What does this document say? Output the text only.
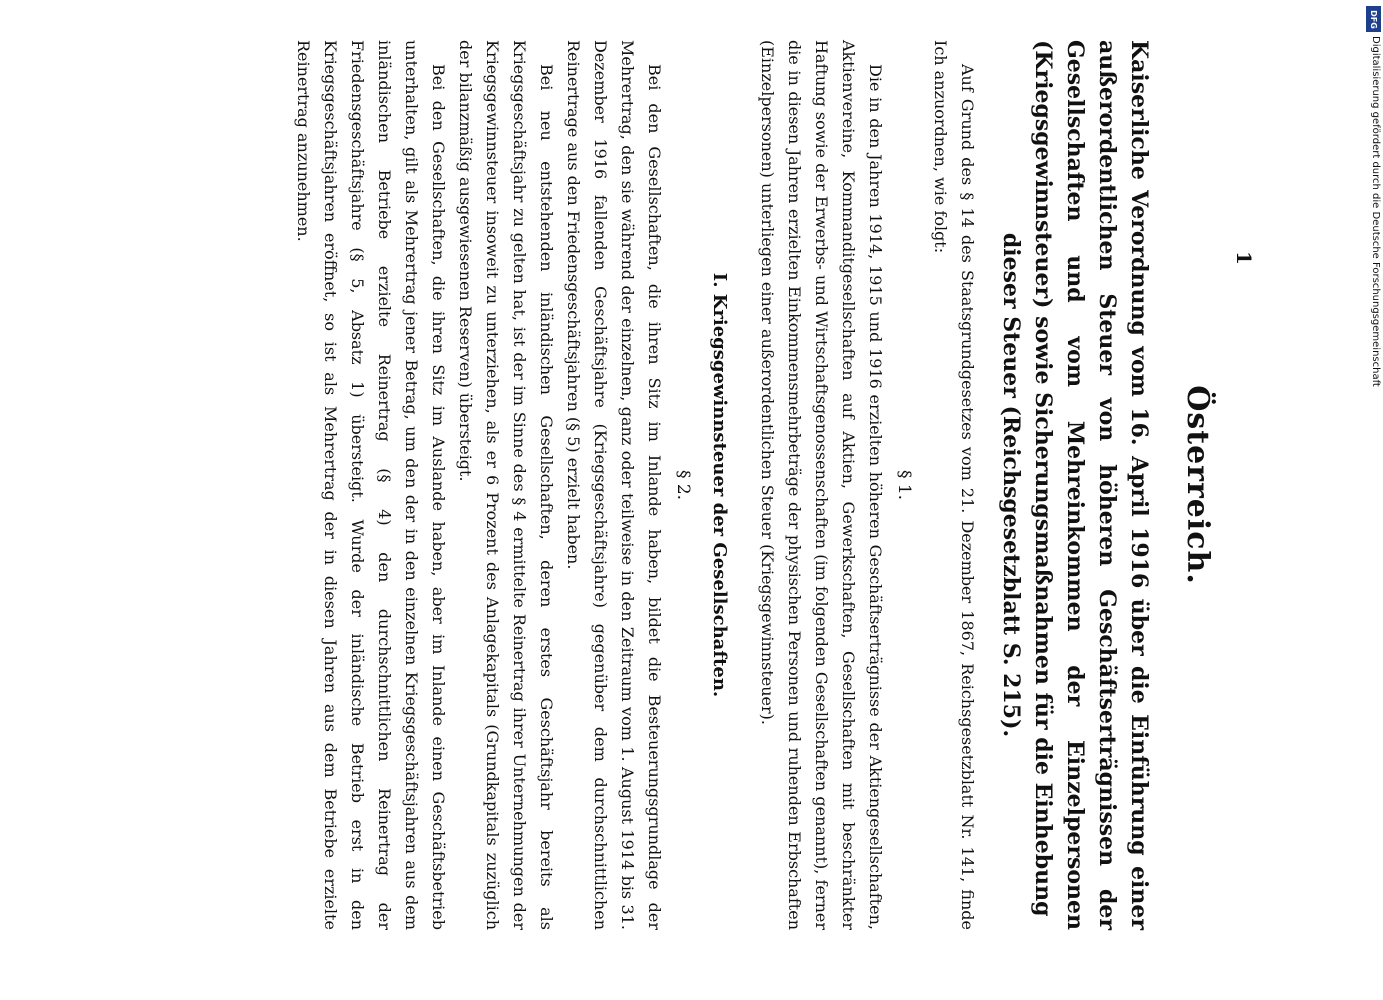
Österreich.
Kaiserliche Verordnung vom 16. April 1916 über die Einführung einer außerordentlichen Steuer von höheren Geschäftserträgnissen der Gesellschaften und vom Mehreinkommen der Einzelpersonen (Kriegsgewinnsteuer) sowie Sicherungsmaßnahmen für die Einhebung
dieser Steuer (Reichsgesetzblatt S. 215).

Auf Grund des § 14 des Staatsgrundgesetzes vom 21. Dezember 1867, Reichsgesetzblatt Nr. 141, finde Ich anzuordnen, wie folgt:

§ 1.

Die in den Jahren 1914, 1915 und 1916 erzielten höheren Geschäftserträgnisse der Aktiengesellschaften, Aktienvereine, Kommanditgesellschaften auf Aktien, Gewerkschaften, Gesellschaften mit beschränkter Haftung sowie der Erwerbs- und Wirtschaftsgenossenschaften (im folgenden Gesellschaften genannt), ferner die in diesen Jahren erzielten Einkommensmehrbeträge der physischen Personen und ruhenden Erbschaften (Einzelpersonen) unterliegen einer außerordentlichen Steuer (Kriegsgewinnsteuer).

I. Kriegsgewinnsteuer der Gesellschaften.
§ 2.

Bei den Gesellschaften, die ihren Sitz im Inlande haben, bildet die Besteuerungsgrundlage der Mehrertrag, den sie während der einzelnen, ganz oder teilweise in den Zeitraum vom 1. August 1914 bis 31. Dezember 1916 fallenden Geschäftsjahre (Kriegsgeschäftsjahre) gegenüber dem durchschnittlichen Reinertrage aus den Friedensgeschäftsjahren (§ 5) erzielt haben.

Bei neu entstehenden inländischen Gesellschaften, deren erstes Geschäftsjahr bereits als Kriegsgeschäftsjahr zu gelten hat, ist der im Sinne des § 4 ermittelte Reinertrag ihrer Unternehmungen der Kriegsgewinnsteuer insoweit zu unterziehen, als er 6 Prozent des Anlagekapitals (Grundkapitals zuzüglich der bilanzmäßig ausgewiesenen Reserven) übersteigt.

Bei den Gesellschaften, die ihren Sitz im Auslande haben, aber im Inlande einen Geschäftsbetrieb unterhalten, gilt als Mehrertrag jener Betrag, um den der in den einzelnen Kriegsgeschäftsjahren aus dem inländischen Betriebe erzielte Reinertrag (§ 4) den durchschnittlichen Reinertrag der Friedensgeschäftsjahre (§ 5, Absatz 1) übersteigt. Wurde der inländische Betrieb erst in den Kriegsgeschäftsjahren eröffnet, so ist als Mehrertrag der in diesen Jahren aus dem Betriebe erzielte Reinertrag anzunehmen.

1
DFG
Digitalisierung gefördert durch die Deutsche Forschungsgemeinschaft
